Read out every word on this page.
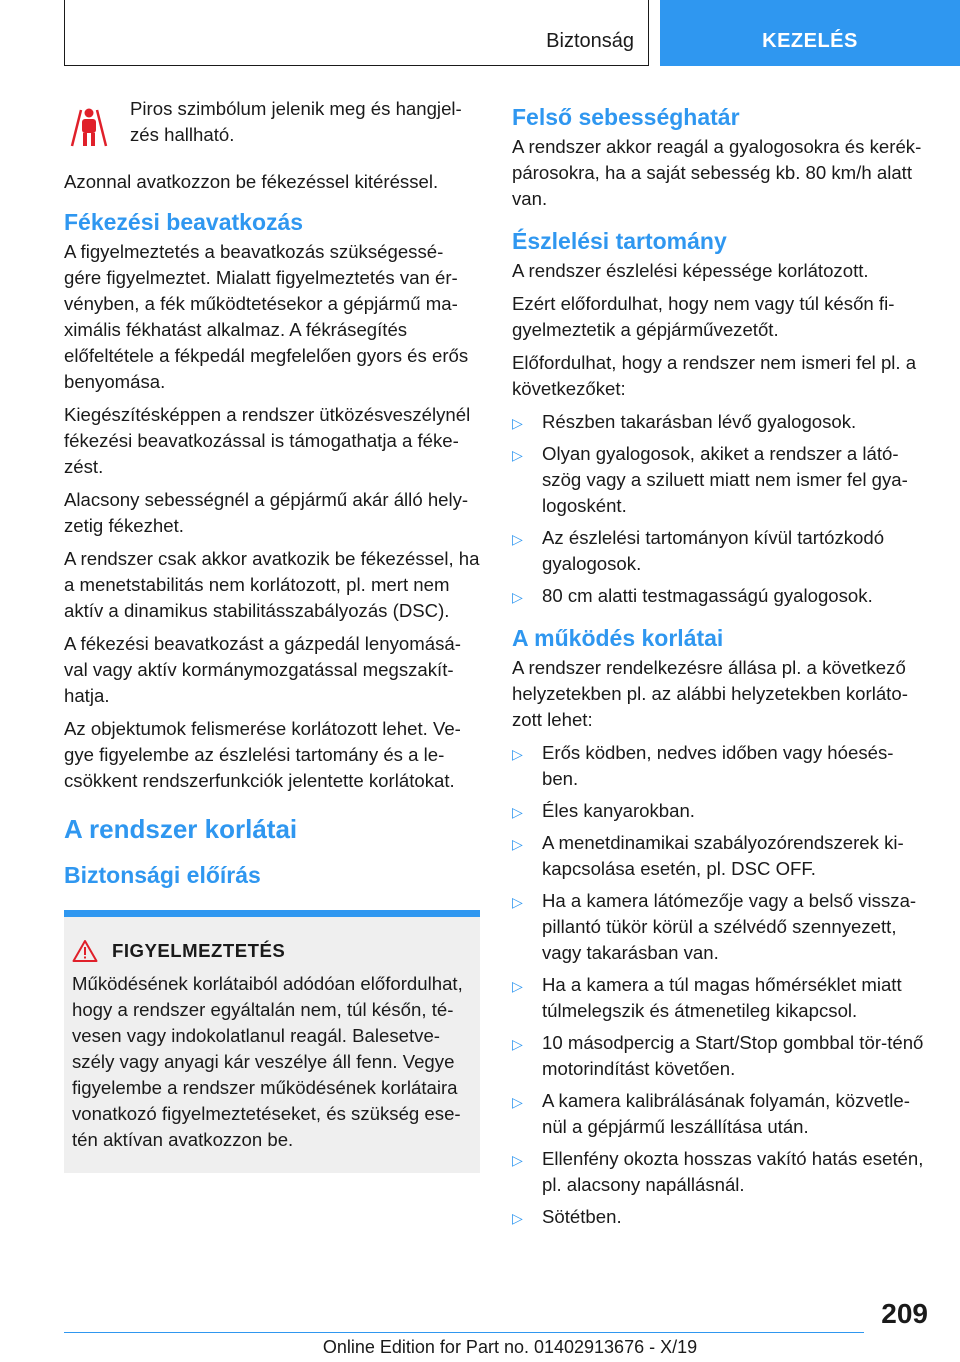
Biztonság	KEZELÉS
Piros szimbólum jelenik meg és hangjel-zés hallható.

Azonnal avatkozzon be fékezéssel kitéréssel.

Fékezési beavatkozás

A figyelmeztetés a beavatkozás szükségessé-gére figyelmeztet. Mialatt figyelmeztetés van ér-vényben, a fék működtetésekor a gépjármű ma-ximális fékhatást alkalmaz. A fékrásegítés előfeltétele a fékpedál megfelelően gyors és erős benyomása.

Kiegészítésképpen a rendszer ütközésveszélynél fékezési beavatkozással is támogathatja a féke-zést.

Alacsony sebességnél a gépjármű akár álló hely-zetig fékezhet.

A rendszer csak akkor avatkozik be fékezéssel, ha a menetstabilitás nem korlátozott, pl. mert nem aktív a dinamikus stabilitásszabályozás (DSC).

A fékezési beavatkozást a gázpedál lenyomásá-val vagy aktív kormánymozgatással megszakít-hatja.

Az objektumok felismerése korlátozott lehet. Ve-gye figyelembe az észlelési tartomány és a le-csökkent rendszerfunkciók jelentette korlátokat.

A rendszer korlátai
Biztonsági előírás
FIGYELMEZTETÉS
Működésének korlátaiból adódóan előfordulhat, hogy a rendszer egyáltalán nem, túl későn, té-vesen vagy indokolatlanul reagál. Balesetve-szély vagy anyagi kár veszélye áll fenn. Vegye figyelembe a rendszer működésének korlátaira vonatkozó figyelmeztetéseket, és szükség ese-tén aktívan avatkozzon be.
Felső sebességhatár

A rendszer akkor reagál a gyalogosokra és kerék-párosokra, ha a saját sebesség kb. 80 km/h alatt van.

Észlelési tartomány

A rendszer észlelési képessége korlátozott.

Ezért előfordulhat, hogy nem vagy túl későn fi-gyelmeztetik a gépjárművezetőt.

Előfordulhat, hogy a rendszer nem ismeri fel pl. a következőket:

▷ Részben takarásban lévő gyalogosok.
▷ Olyan gyalogosok, akiket a rendszer a látó-szög vagy a sziluett miatt nem ismer fel gya-logosként.
▷ Az észlelési tartományon kívül tartózkodó gyalogosok.
▷ 80 cm alatti testmagasságú gyalogosok.
A működés korlátai

A rendszer rendelkezésre állása pl. a következő helyzetekben pl. az alábbi helyzetekben korláto-zott lehet:

▷ Erős ködben, nedves időben vagy hóesés-ben.
▷ Éles kanyarokban.
▷ A menetdinamikai szabályozórendszerek ki-kapcsolása esetén, pl. DSC OFF.
▷ Ha a kamera látómezője vagy a belső vissza-pillantó tükör körül a szélvédő szennyezett, vagy takarásban van.
▷ Ha a kamera a túl magas hőmérséklet miatt túlmelegszik és átmenetileg kikapcsol.
▷ 10 másodpercig a Start/Stop gombbal tör-ténő motorindítást követően.
▷ A kamera kalibrálásának folyamán, közvetle-nül a gépjármű leszállítása után.
▷ Ellenfény okozta hosszas vakító hatás esetén, pl. alacsony napállásnál.
▷ Sötétben.
209
Online Edition for Part no. 01402913676 - X/19
